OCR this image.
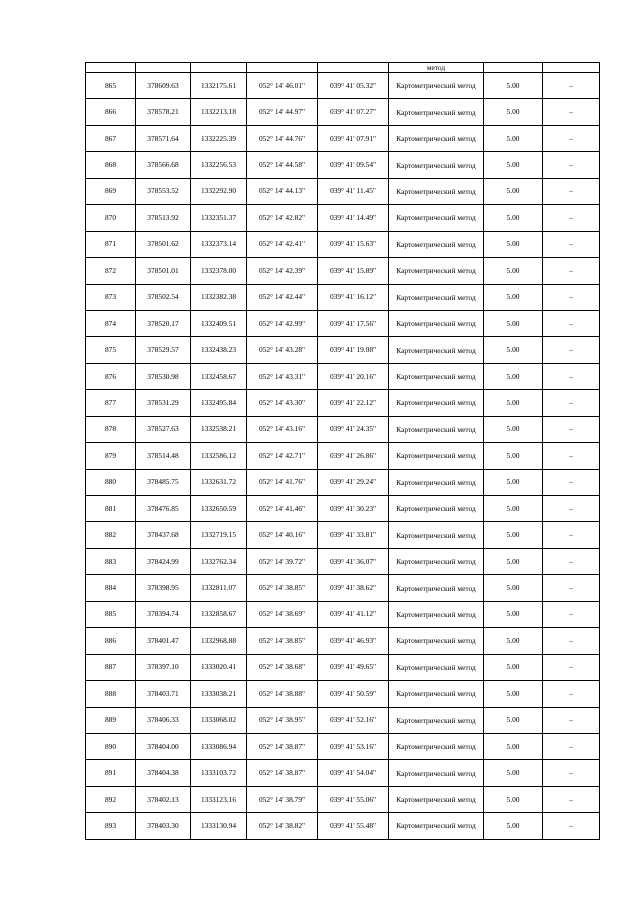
					метод		
865	378609.63	1332175.61	052° 14' 46.01"	039° 41' 05.32"	Картометрический метод	5.00	–
866	378578.21	1332213.18	052° 14' 44.97"	039° 41' 07.27"	Картометрический метод	5.00	–
867	378571.64	1332225.39	052° 14' 44.76"	039° 41' 07.91"	Картометрический метод	5.00	–
868	378566.68	1332256.53	052° 14' 44.58"	039° 41' 09.54"	Картометрический метод	5.00	–
869	378553.52	1332292.90	052° 14' 44.13"	039° 41' 11.45"	Картометрический метод	5.00	–
870	378513.92	1332351.37	052° 14' 42.82"	039° 41' 14.49"	Картометрический метод	5.00	–
871	378501.62	1332373.14	052° 14' 42.41"	039° 41' 15.63"	Картометрический метод	5.00	–
872	378501.01	1332378.00	052° 14' 42.39"	039° 41' 15.89"	Картометрический метод	5.00	–
873	378502.54	1332382.38	052° 14' 42.44"	039° 41' 16.12"	Картометрический метод	5.00	–
874	378520.17	1332409.51	052° 14' 42.99"	039° 41' 17.56"	Картометрический метод	5.00	–
875	378529.57	1332438.23	052° 14' 43.28"	039° 41' 19.08"	Картометрический метод	5.00	–
876	378530.98	1332458.67	052° 14' 43.31"	039° 41' 20.16"	Картометрический метод	5.00	–
877	378531.29	1332495.84	052° 14' 43.30"	039° 41' 22.12"	Картометрический метод	5.00	–
878	378527.63	1332538.21	052° 14' 43.16"	039° 41' 24.35"	Картометрический метод	5.00	–
879	378514.48	1332586.12	052° 14' 42.71"	039° 41' 26.86"	Картометрический метод	5.00	–
880	378485.75	1332631.72	052° 14' 41.76"	039° 41' 29.24"	Картометрический метод	5.00	–
881	378476.85	1332650.59	052° 14' 41.46"	039° 41' 30.23"	Картометрический метод	5.00	–
882	378437.68	1332719.15	052° 14' 40.16"	039° 41' 33.81"	Картометрический метод	5.00	–
883	378424.99	1332762.34	052° 14' 39.72"	039° 41' 36.07"	Картометрический метод	5.00	–
884	378398.95	1332811.07	052° 14' 38.85"	039° 41' 38.62"	Картометрический метод	5.00	–
885	378394.74	1332858.67	052° 14' 38.69"	039° 41' 41.12"	Картометрический метод	5.00	–
886	378401.47	1332968.88	052° 14' 38.85"	039° 41' 46.93"	Картометрический метод	5.00	–
887	378397.10	1333020.41	052° 14' 38.68"	039° 41' 49.65"	Картометрический метод	5.00	–
888	378403.71	1333038.21	052° 14' 38.88"	039° 41' 50.59"	Картометрический метод	5.00	–
889	378406.33	1333068.02	052° 14' 38.95"	039° 41' 52.16"	Картометрический метод	5.00	–
890	378404.00	1333086.94	052° 14' 38.87"	039° 41' 53.16"	Картометрический метод	5.00	–
891	378404.38	1333103.72	052° 14' 38.87"	039° 41' 54.04"	Картометрический метод	5.00	–
892	378402.13	1333123.16	052° 14' 38.79"	039° 41' 55.06"	Картометрический метод	5.00	–
893	378403.30	1333130.94	052° 14' 38.82"	039° 41' 55.48"	Картометрический метод	5.00	–
